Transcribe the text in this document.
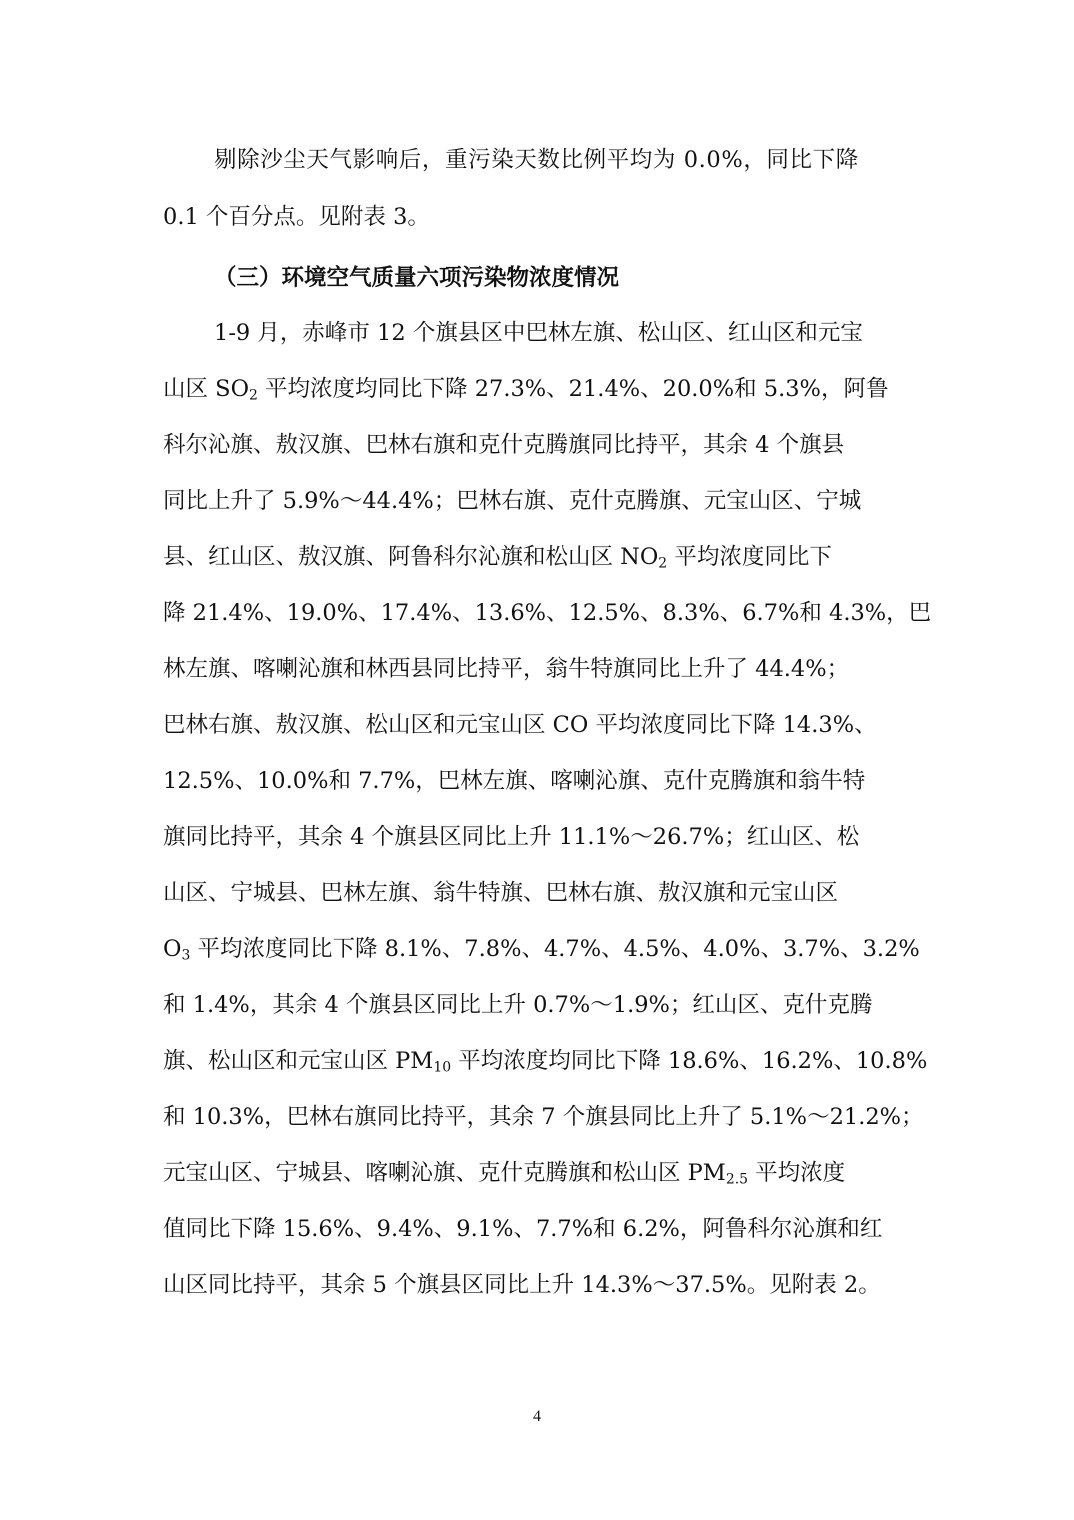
剔除沙尘天气影响后，重污染天数比例平均为 0.0%，同比下降

0.1 个百分点。见附表 3。

（三）环境空气质量六项污染物浓度情况

1-9 月，赤峰市 12 个旗县区中巴林左旗、松山区、红山区和元宝

山区 $SO_2$ 平均浓度均同比下降 27.3%、21.4%、20.0%和 5.3%，阿鲁

科尔沁旗、敖汉旗、巴林右旗和克什克腾旗同比持平，其余 4 个旗县

同比上升了 5.9%～44.4%；巴林右旗、克什克腾旗、元宝山区、宁城

县、红山区、敖汉旗、阿鲁科尔沁旗和松山区 $NO_2$ 平均浓度同比下

降 21.4%、19.0%、17.4%、13.6%、12.5%、8.3%、6.7%和 4.3%，巴

林左旗、喀喇沁旗和林西县同比持平，翁牛特旗同比上升了 44.4%；

巴林右旗、敖汉旗、松山区和元宝山区 CO 平均浓度同比下降 14.3%、

12.5%、10.0%和 7.7%，巴林左旗、喀喇沁旗、克什克腾旗和翁牛特

旗同比持平，其余 4 个旗县区同比上升 11.1%～26.7%；红山区、松

山区、宁城县、巴林左旗、翁牛特旗、巴林右旗、敖汉旗和元宝山区

$O_3$ 平均浓度同比下降 8.1%、7.8%、4.7%、4.5%、4.0%、3.7%、3.2%

和 1.4%，其余 4 个旗县区同比上升 0.7%～1.9%；红山区、克什克腾

旗、松山区和元宝山区 $PM_{10}$ 平均浓度均同比下降 18.6%、16.2%、10.8%

和 10.3%，巴林右旗同比持平，其余 7 个旗县同比上升了 5.1%～21.2%；

元宝山区、宁城县、喀喇沁旗、克什克腾旗和松山区 $PM_{2.5}$ 平均浓度

值同比下降 15.6%、9.4%、9.1%、7.7%和 6.2%，阿鲁科尔沁旗和红

山区同比持平，其余 5 个旗县区同比上升 14.3%～37.5%。见附表 2。

4
